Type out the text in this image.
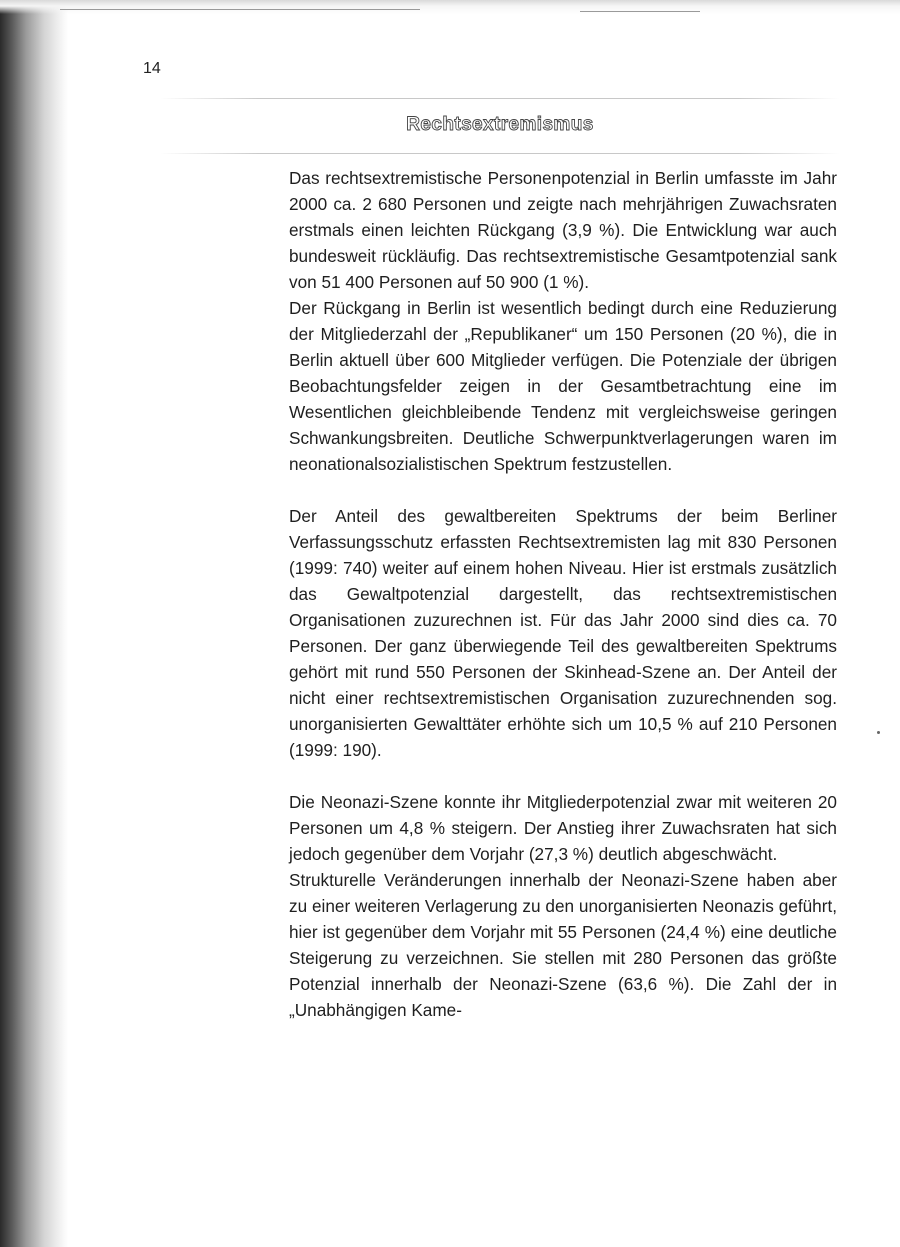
14
Rechtsextremismus

Das rechtsextremistische Personenpotenzial in Berlin umfasste im Jahr 2000 ca. 2 680 Personen und zeigte nach mehrjährigen Zuwachsraten erstmals einen leichten Rückgang (3,9 %). Die Entwicklung war auch bundesweit rückläufig. Das rechtsextremistische Gesamtpotenzial sank von 51 400 Personen auf 50 900 (1 %).

Der Rückgang in Berlin ist wesentlich bedingt durch eine Reduzierung der Mitgliederzahl der „Republikaner“ um 150 Personen (20 %), die in Berlin aktuell über 600 Mitglieder verfügen. Die Potenziale der übrigen Beobachtungsfelder zeigen in der Gesamtbetrachtung eine im Wesentlichen gleichbleibende Tendenz mit vergleichsweise geringen Schwankungsbreiten. Deutliche Schwerpunktverlagerungen waren im neonationalsozialistischen Spektrum festzustellen.

Der Anteil des gewaltbereiten Spektrums der beim Berliner Verfassungsschutz erfassten Rechtsextremisten lag mit 830 Personen (1999: 740) weiter auf einem hohen Niveau. Hier ist erstmals zusätzlich das Gewaltpotenzial dargestellt, das rechtsextremistischen Organisationen zuzurechnen ist. Für das Jahr 2000 sind dies ca. 70 Personen. Der ganz überwiegende Teil des gewaltbereiten Spektrums gehört mit rund 550 Personen der Skinhead-Szene an. Der Anteil der nicht einer rechtsextremistischen Organisation zuzurechnenden sog. unorganisierten Gewalttäter erhöhte sich um 10,5 % auf 210 Personen (1999: 190).

Die Neonazi-Szene konnte ihr Mitgliederpotenzial zwar mit weiteren 20 Personen um 4,8 % steigern. Der Anstieg ihrer Zuwachsraten hat sich jedoch gegenüber dem Vorjahr (27,3 %) deutlich abgeschwächt.

Strukturelle Veränderungen innerhalb der Neonazi-Szene haben aber zu einer weiteren Verlagerung zu den unorganisierten Neonazis geführt, hier ist gegenüber dem Vorjahr mit 55 Personen (24,4 %) eine deutliche Steigerung zu verzeichnen. Sie stellen mit 280 Personen das größte Potenzial innerhalb der Neonazi-Szene (63,6 %). Die Zahl der in „Unabhängigen Kame-
